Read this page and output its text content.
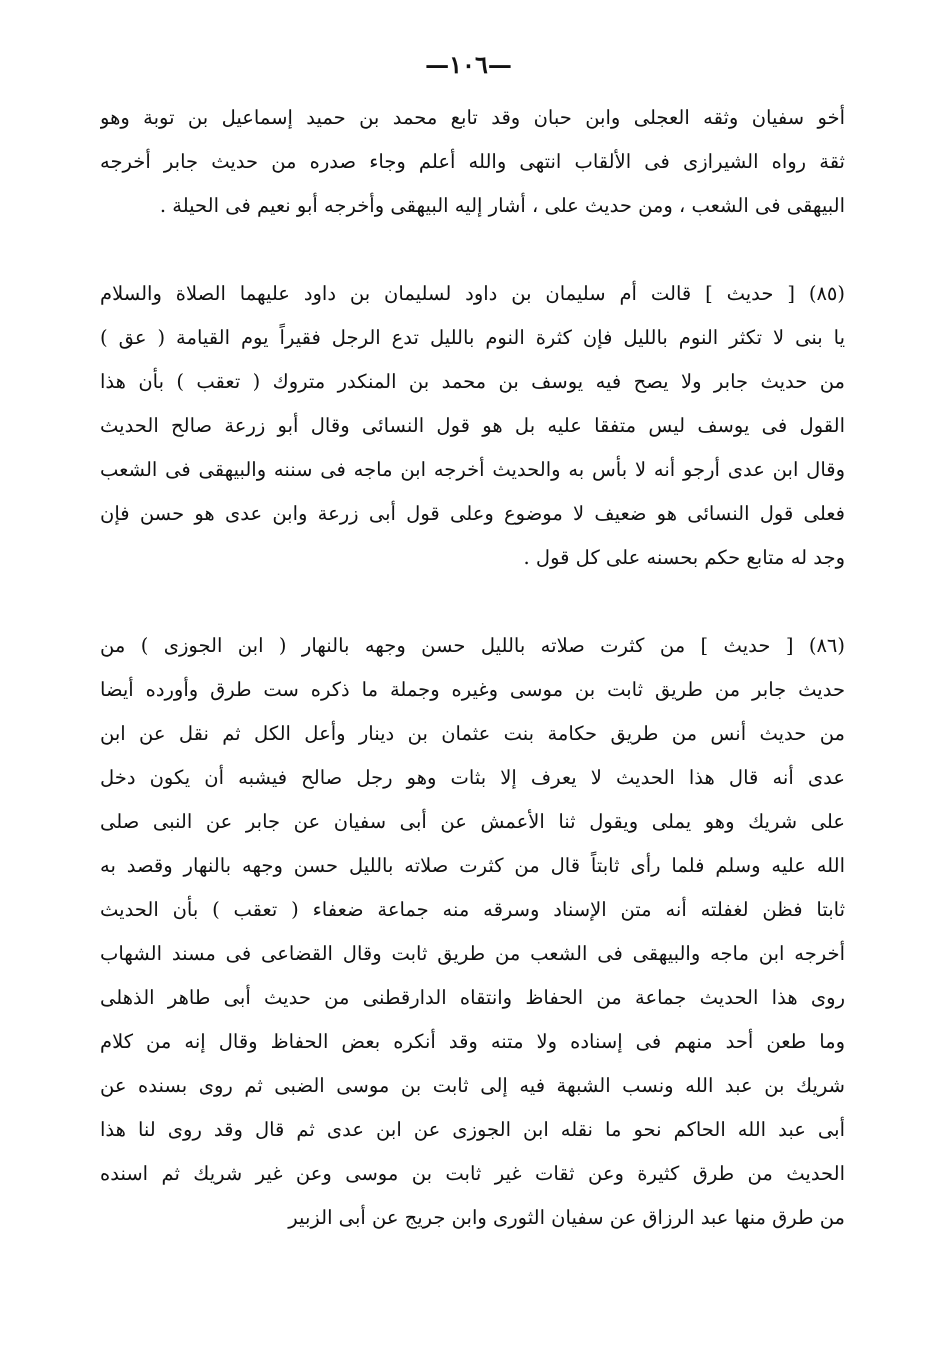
—١٠٦—
أخو سفيان وثقه العجلى وابن حبان وقد تابع محمد بن حميد إسماعيل بن توبة وهو
ثقة رواه الشيرازى فى الألقاب انتهى والله أعلم وجاء صدره من حديث جابر أخرجه
البيهقى فى الشعب ، ومن حديث على ، أشار إليه البيهقى وأخرجه أبو نعيم فى الحيلة .
(٨٥) [ حديث ] قالت أم سليمان بن داود لسليمان بن داود عليهما الصلاة والسلام
يا بنى لا تكثر النوم بالليل فإن كثرة النوم بالليل تدع الرجل فقيراً يوم القيامة ( عق )
من حديث جابر ولا يصح فيه يوسف بن محمد بن المنكدر متروك ( تعقب ) بأن هذا
القول فى يوسف ليس متفقا عليه بل هو قول النسائى وقال أبو زرعة صالح الحديث
وقال ابن عدى أرجو أنه لا بأس به والحديث أخرجه ابن ماجه فى سننه والبيهقى فى الشعب
فعلى قول النسائى هو ضعيف لا موضوع وعلى قول أبى زرعة وابن عدى هو حسن فإن
وجد له متابع حكم بحسنه على كل قول .
(٨٦) [ حديث ] من كثرت صلاته بالليل حسن وجهه بالنهار ( ابن الجوزى ) من
حديث جابر من طريق ثابت بن موسى وغيره وجملة ما ذكره ست طرق وأورده أيضا
من حديث أنس من طريق حكامة بنت عثمان بن دينار وأعل الكل ثم نقل عن ابن
عدى أنه قال هذا الحديث لا يعرف إلا بثات وهو رجل صالح فيشبه أن يكون دخل
على شريك وهو يملى ويقول ثنا الأعمش عن أبى سفيان عن جابر عن النبى صلى
الله عليه وسلم فلما رأى ثابتاً قال من كثرت صلاته بالليل حسن وجهه بالنهار وقصد به
ثابتا فظن لغفلته أنه متن الإسناد وسرقه منه جماعة ضعفاء ( تعقب ) بأن الحديث
أخرجه ابن ماجه والبيهقى فى الشعب من طريق ثابت وقال القضاعى فى مسند الشهاب
روى هذا الحديث جماعة من الحفاظ وانتقاه الدارقطنى من حديث أبى طاهر الذهلى
وما طعن أحد منهم فى إسناده ولا متنه وقد أنكره بعض الحفاظ وقال إنه من كلام
شريك بن عبد الله ونسب الشبهة فيه إلى ثابت بن موسى الضبى ثم روى بسنده عن
أبى عبد الله الحاكم نحو ما نقله ابن الجوزى عن ابن عدى ثم قال وقد روى لنا هذا
الحديث من طرق كثيرة وعن ثقات غير ثابت بن موسى وعن غير شريك ثم اسنده
من طرق منها عبد الرزاق عن سفيان الثورى وابن جريج عن أبى الزبير
